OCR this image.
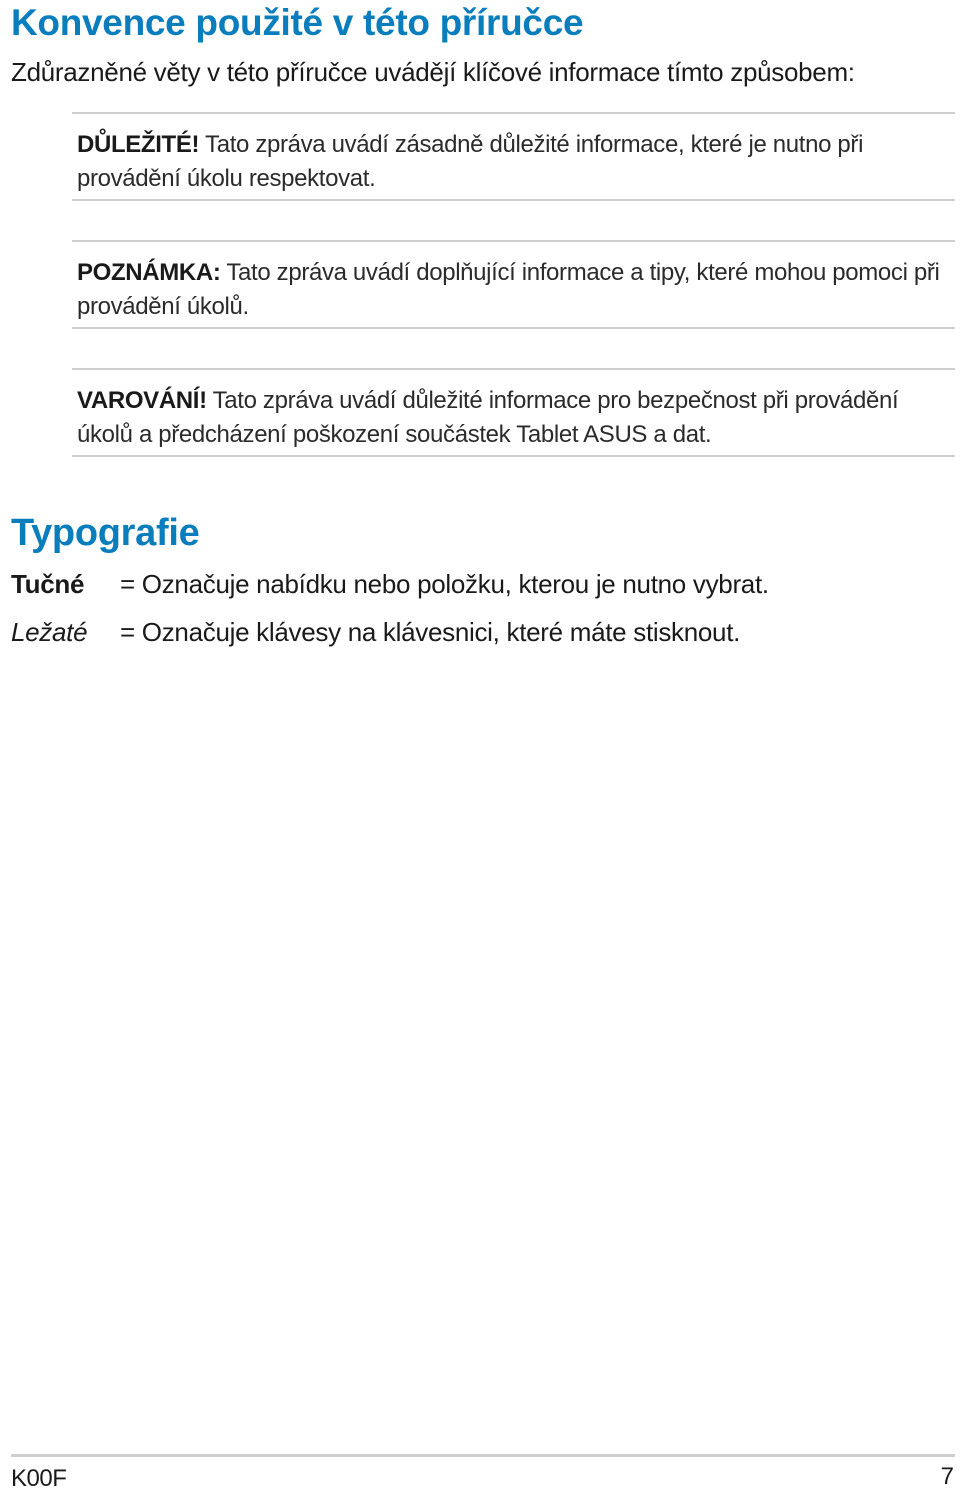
Konvence použité v této příručce
Zdůrazněné věty v této příručce uvádějí klíčové informace tímto způsobem:
DŮLEŽITÉ! Tato zpráva uvádí zásadně důležité informace, které je nutno při provádění úkolu respektovat.
POZNÁMKA: Tato zpráva uvádí doplňující informace a tipy, které mohou pomoci při provádění úkolů.
VAROVÁNÍ! Tato zpráva uvádí důležité informace pro bezpečnost při provádění úkolů a předcházení poškození součástek Tablet ASUS a dat.
Typografie
Tučné = Označuje nabídku nebo položku, kterou je nutno vybrat.
Ležaté = Označuje klávesy na klávesnici, které máte stisknout.
K00F	7
